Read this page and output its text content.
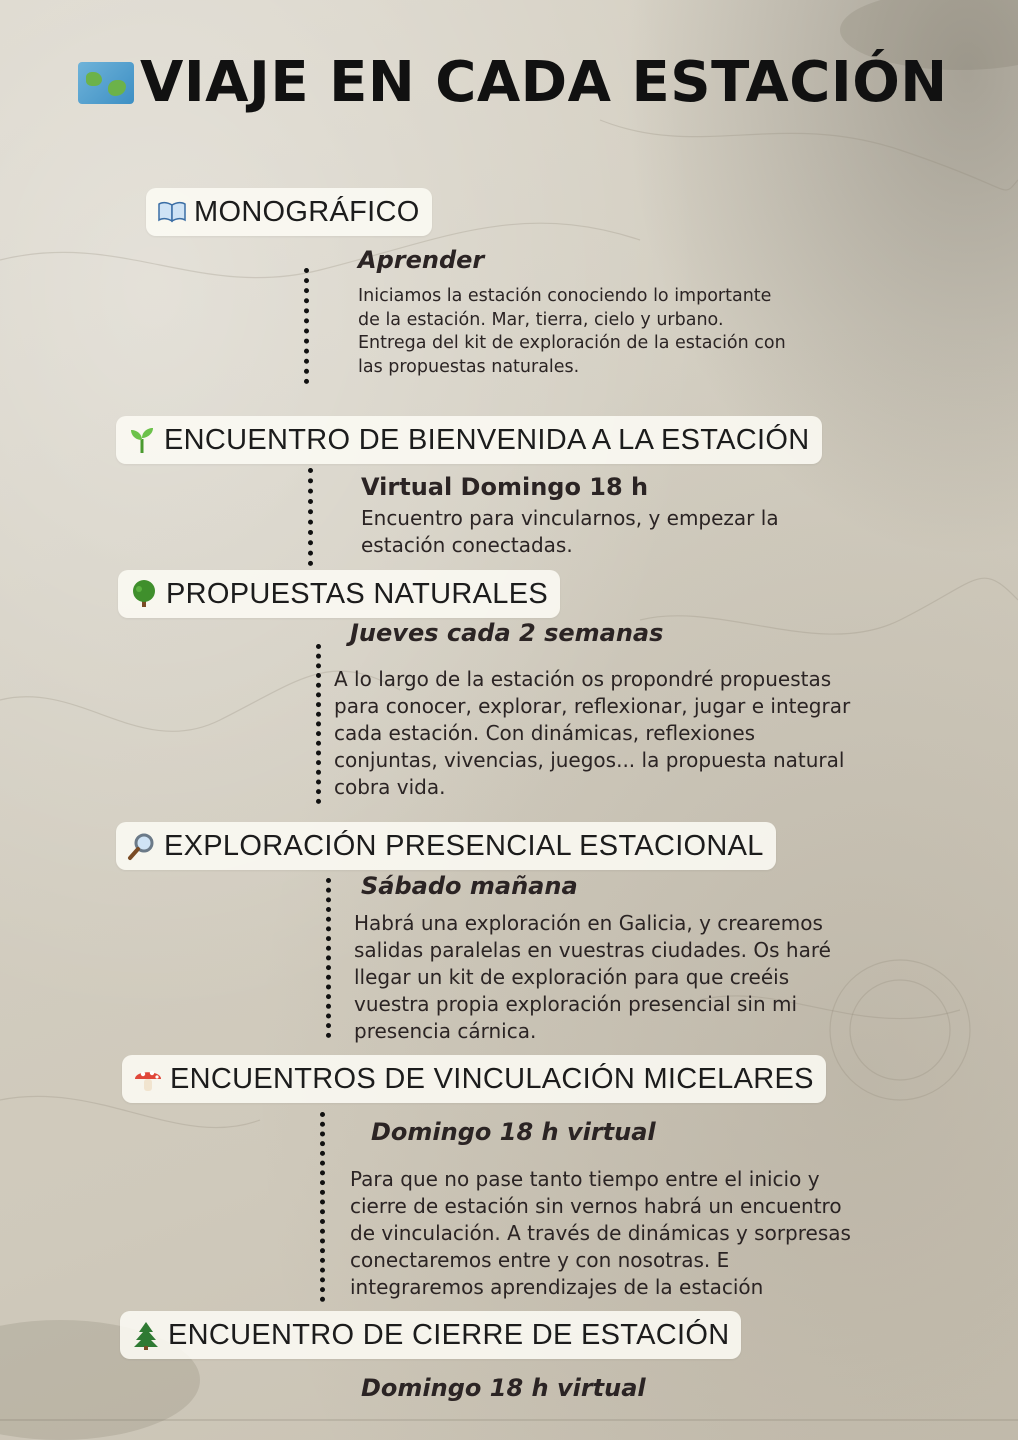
VIAJE EN CADA ESTACIÓN
MONOGRÁFICO
Aprender
Iniciamos la estación conociendo lo importante
de la estación. Mar, tierra, cielo y urbano.
Entrega del kit de exploración de la estación con
las propuestas naturales.
ENCUENTRO DE BIENVENIDA A LA ESTACIÓN
Virtual Domingo 18 h
Encuentro para vincularnos, y empezar la
estación conectadas.
PROPUESTAS NATURALES
Jueves cada 2 semanas
A lo largo de la estación os propondré propuestas
para conocer, explorar, reflexionar, jugar e integrar
cada estación. Con dinámicas, reflexiones
conjuntas, vivencias, juegos... la propuesta natural
cobra vida.
EXPLORACIÓN PRESENCIAL ESTACIONAL
Sábado mañana
Habrá una exploración en Galicia, y crearemos
salidas paralelas en vuestras ciudades. Os haré
llegar un kit de exploración para que creéis
vuestra propia exploración presencial sin mi
presencia cárnica.
ENCUENTROS DE VINCULACIÓN MICELARES
Domingo 18 h virtual
Para que no pase tanto tiempo entre el inicio y
cierre de estación sin vernos habrá un encuentro
de vinculación. A través de dinámicas y sorpresas
conectaremos entre y con nosotras. E
integraremos aprendizajes de la estación
ENCUENTRO DE CIERRE DE ESTACIÓN
Domingo 18 h virtual
